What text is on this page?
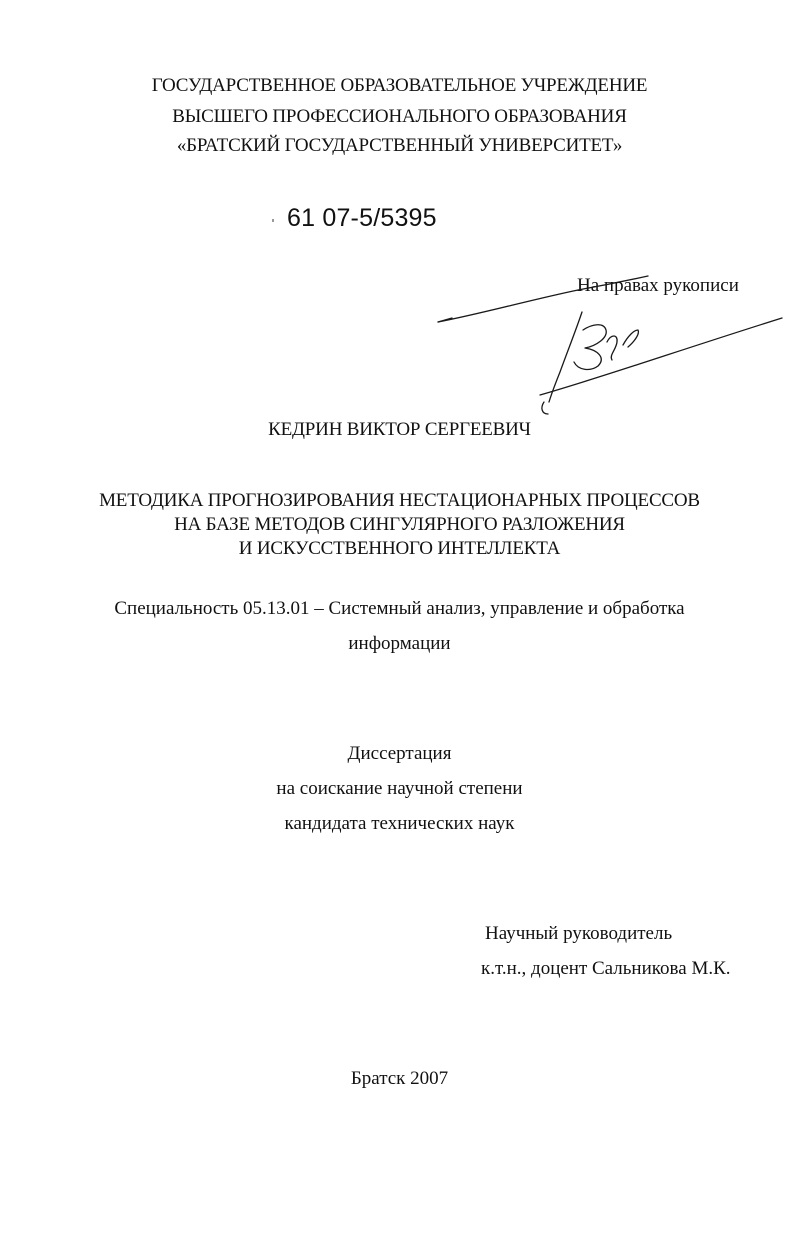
ГОСУДАРСТВЕННОЕ ОБРАЗОВАТЕЛЬНОЕ УЧРЕЖДЕНИЕ
ВЫСШЕГО ПРОФЕССИОНАЛЬНОГО ОБРАЗОВАНИЯ
«БРАТСКИЙ ГОСУДАРСТВЕННЫЙ УНИВЕРСИТЕТ»
61 07-5/5395
На правах рукописи
КЕДРИН ВИКТОР СЕРГЕЕВИЧ
МЕТОДИКА ПРОГНОЗИРОВАНИЯ НЕСТАЦИОНАРНЫХ ПРОЦЕССОВ
НА БАЗЕ МЕТОДОВ СИНГУЛЯРНОГО РАЗЛОЖЕНИЯ
И ИСКУССТВЕННОГО ИНТЕЛЛЕКТА
Специальность 05.13.01 – Системный анализ, управление и обработка
информации
Диссертация
на соискание научной степени
кандидата технических наук
Научный руководитель
к.т.н., доцент Сальникова М.К.
Братск 2007
